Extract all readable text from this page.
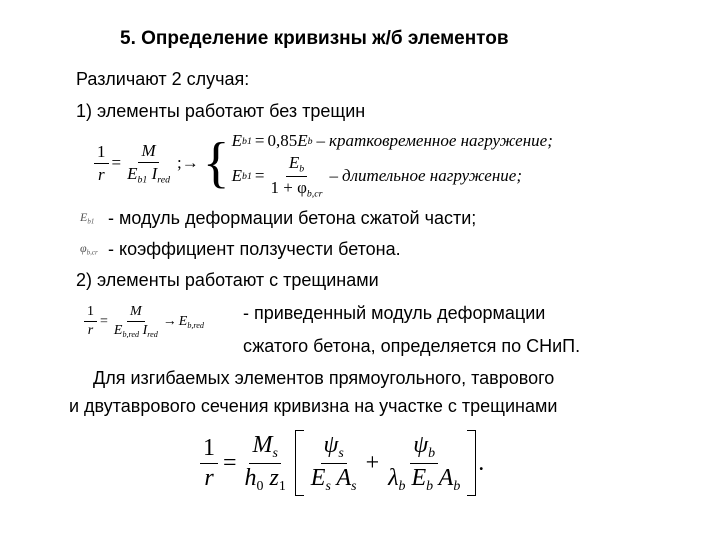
5. Определение кривизны ж/б элементов
Различают 2 случая:
1) элементы работают без трещин
$\frac{1}{r} = \frac{M}{E_{b1} I_{red}}$ ;→ { E b1 = 0,85 E b – кратковременное нагружение;
E $b1 = \frac{E_b}{1 + \varphi_{b,cr}}$ – длительное нагружение;
$E_{b1}$ - модуль деформации бетона сжатой части;
$\varphi_{b,cr}$ - коэффициент ползучести бетона.
2) элементы работают с трещинами
$\frac{1}{r} = \frac{M}{E_{b,red} I_{red}} \to E_{b,red}$
- приведенный модуль деформации
сжатого бетона, определяется по СНиП.
Для изгибаемых элементов прямоугольного, таврового
и двутаврового сечения кривизна на участке с трещинами
$\frac{1}{r} = \frac{M_s}{h_0 z_1} \frac{\psi_s}{E_s A_s} + \frac{\psi_b}{\lambda_b E_b A_b}$ .
